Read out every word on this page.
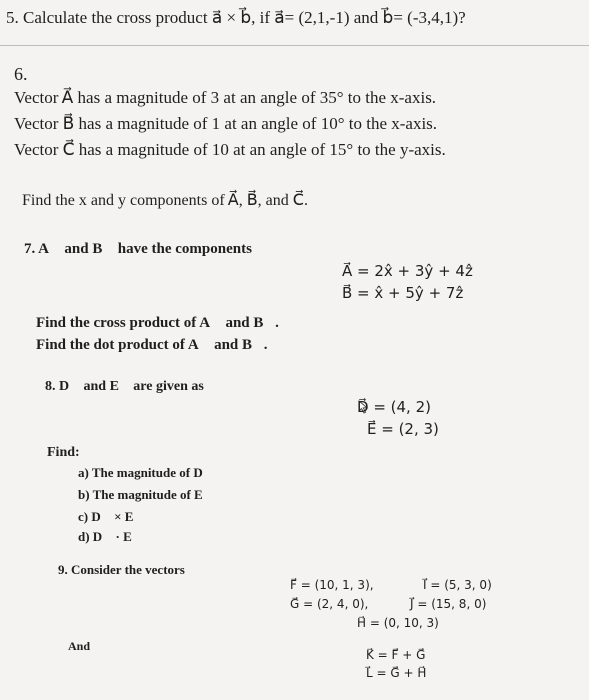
5. Calculate the cross product a⃗ × b⃗, if a⃗= (2,1,-1) and b⃗= (-3,4,1)?
6.
Vector A⃗ has a magnitude of 3 at an angle of 35° to the x-axis.
Vector B⃗ has a magnitude of 1 at an angle of 10° to the x-axis.
Vector C⃗ has a magnitude of 10 at an angle of 15° to the y-axis.
Find the x and y components of A⃗, B⃗, and C⃗.
7. A⃗ and B⃗ have the components
A⃗ = 2x̂ + 3ŷ + 4ẑ
B⃗ = x̂ + 5ŷ + 7ẑ
Find the cross product of A⃗ and B⃗.
Find the dot product of A⃗ and B⃗.
8. D⃗ and E⃗ are given as
D⃗ = (4, 2)
E⃗ = (2, 3)
Find:
a) The magnitude of D⃗
b) The magnitude of E⃗
c) D⃗ × E⃗
d) D⃗ · E⃗
9. Consider the vectors
F⃗ = (10, 1, 3),	I⃗ = (5, 3, 0)
G⃗ = (2, 4, 0),	J⃗ = (15, 8, 0)
H⃗ = (0, 10, 3)
And
K⃗ = F⃗ + G⃗
L⃗ = G⃗ + H⃗
